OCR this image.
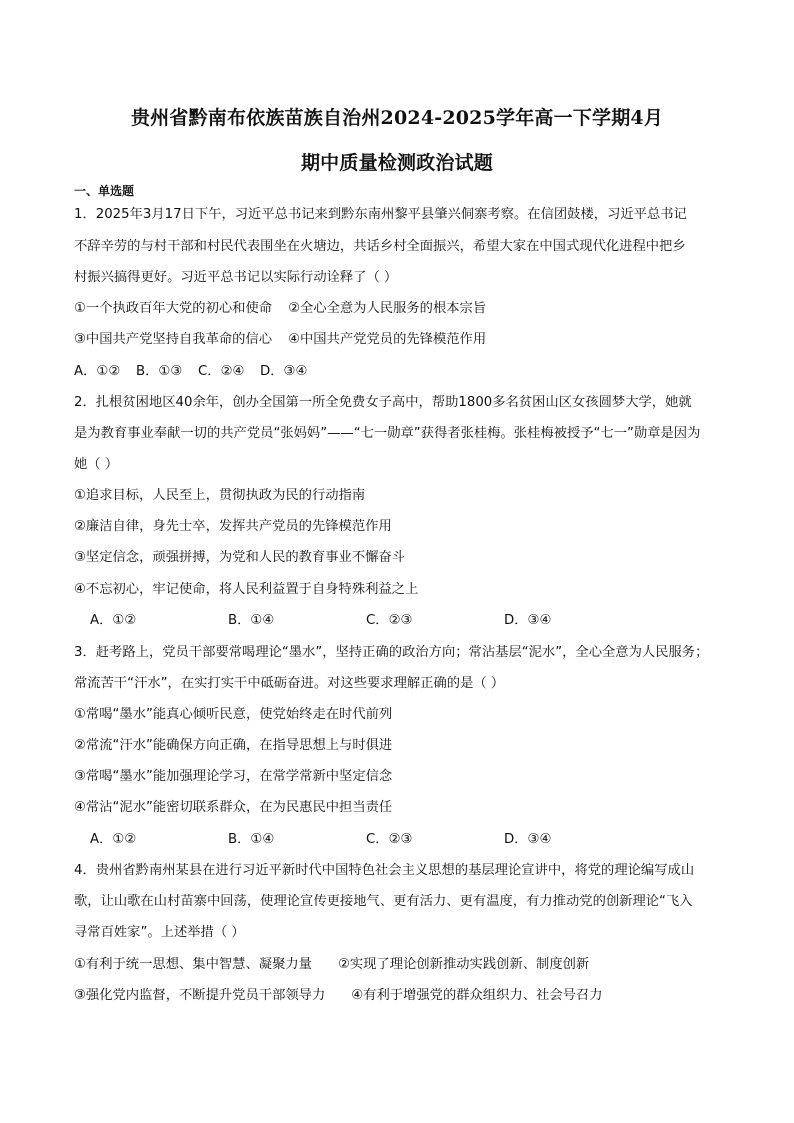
贵州省黔南布依族苗族自治州2024-2025学年高一下学期4月
期中质量检测政治试题
一、单选题
1．2025年3月17日下午，习近平总书记来到黔东南州黎平县肇兴侗寨考察。在信团鼓楼，习近平总书记
不辞辛劳的与村干部和村民代表围坐在火塘边，共话乡村全面振兴，希望大家在中国式现代化进程中把乡
村振兴搞得更好。习近平总书记以实际行动诠释了（ ）
①一个执政百年大党的初心和使命 ②全心全意为人民服务的根本宗旨
③中国共产党坚持自我革命的信心 ④中国共产党党员的先锋模范作用
A．①② B．①③ C．②④ D．③④
2．扎根贫困地区40余年，创办全国第一所全免费女子高中，帮助1800多名贫困山区女孩圆梦大学，她就
是为教育事业奉献一切的共产党员“张妈妈”——“七一勋章”获得者张桂梅。张桂梅被授予“七一”勋章是因为
她（ ）
①追求目标，人民至上，贯彻执政为民的行动指南
②廉洁自律，身先士卒，发挥共产党员的先锋模范作用
③坚定信念，顽强拼搏，为党和人民的教育事业不懈奋斗
④不忘初心，牢记使命，将人民利益置于自身特殊利益之上
A．①②	B．①④	C．②③	D．③④
3．赶考路上，党员干部要常喝理论“墨水”，坚持正确的政治方向；常沾基层“泥水”，全心全意为人民服务；
常流苦干“汗水”，在实打实干中砥砺奋进。对这些要求理解正确的是（ ）
①常喝“墨水”能真心倾听民意，使党始终走在时代前列
②常流“汗水”能确保方向正确，在指导思想上与时俱进
③常喝“墨水”能加强理论学习，在常学常新中坚定信念
④常沾“泥水”能密切联系群众，在为民惠民中担当责任
A．①②	B．①④	C．②③	D．③④
4．贵州省黔南州某县在进行习近平新时代中国特色社会主义思想的基层理论宣讲中，将党的理论编写成山
歌，让山歌在山村苗寨中回荡，使理论宣传更接地气、更有活力、更有温度，有力推动党的创新理论“飞入
寻常百姓家”。上述举措（ ）
①有利于统一思想、集中智慧、凝聚力量 ②实现了理论创新推动实践创新、制度创新
③强化党内监督，不断提升党员干部领导力 ④有利于增强党的群众组织力、社会号召力
